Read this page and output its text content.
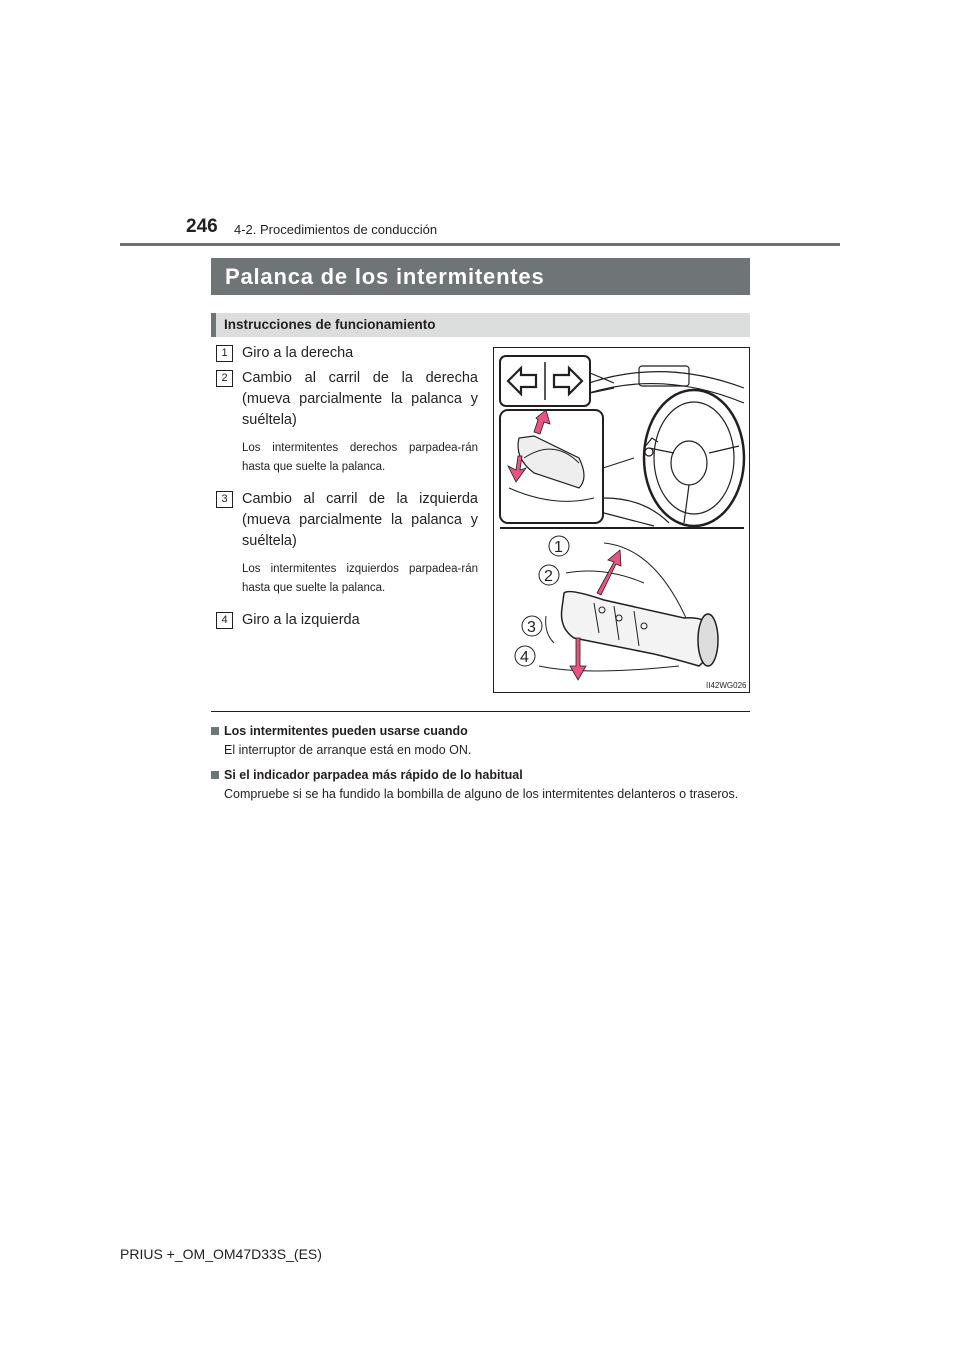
246 4-2. Procedimientos de conducción
Palanca de los intermitentes
Instrucciones de funcionamiento
1 Giro a la derecha
2 Cambio al carril de la derecha (mueva parcialmente la palanca y suéltela)
Los intermitentes derechos parpadea-rán hasta que suelte la palanca.
3 Cambio al carril de la izquierda (mueva parcialmente la palanca y suéltela)
Los intermitentes izquierdos parpadea-rán hasta que suelte la palanca.
4 Giro a la izquierda
1
2
3
4
II42WG026
Los intermitentes pueden usarse cuando
El interruptor de arranque está en modo ON.
Si el indicador parpadea más rápido de lo habitual
Compruebe si se ha fundido la bombilla de alguno de los intermitentes delanteros o traseros.
PRIUS +_OM_OM47D33S_(ES)
